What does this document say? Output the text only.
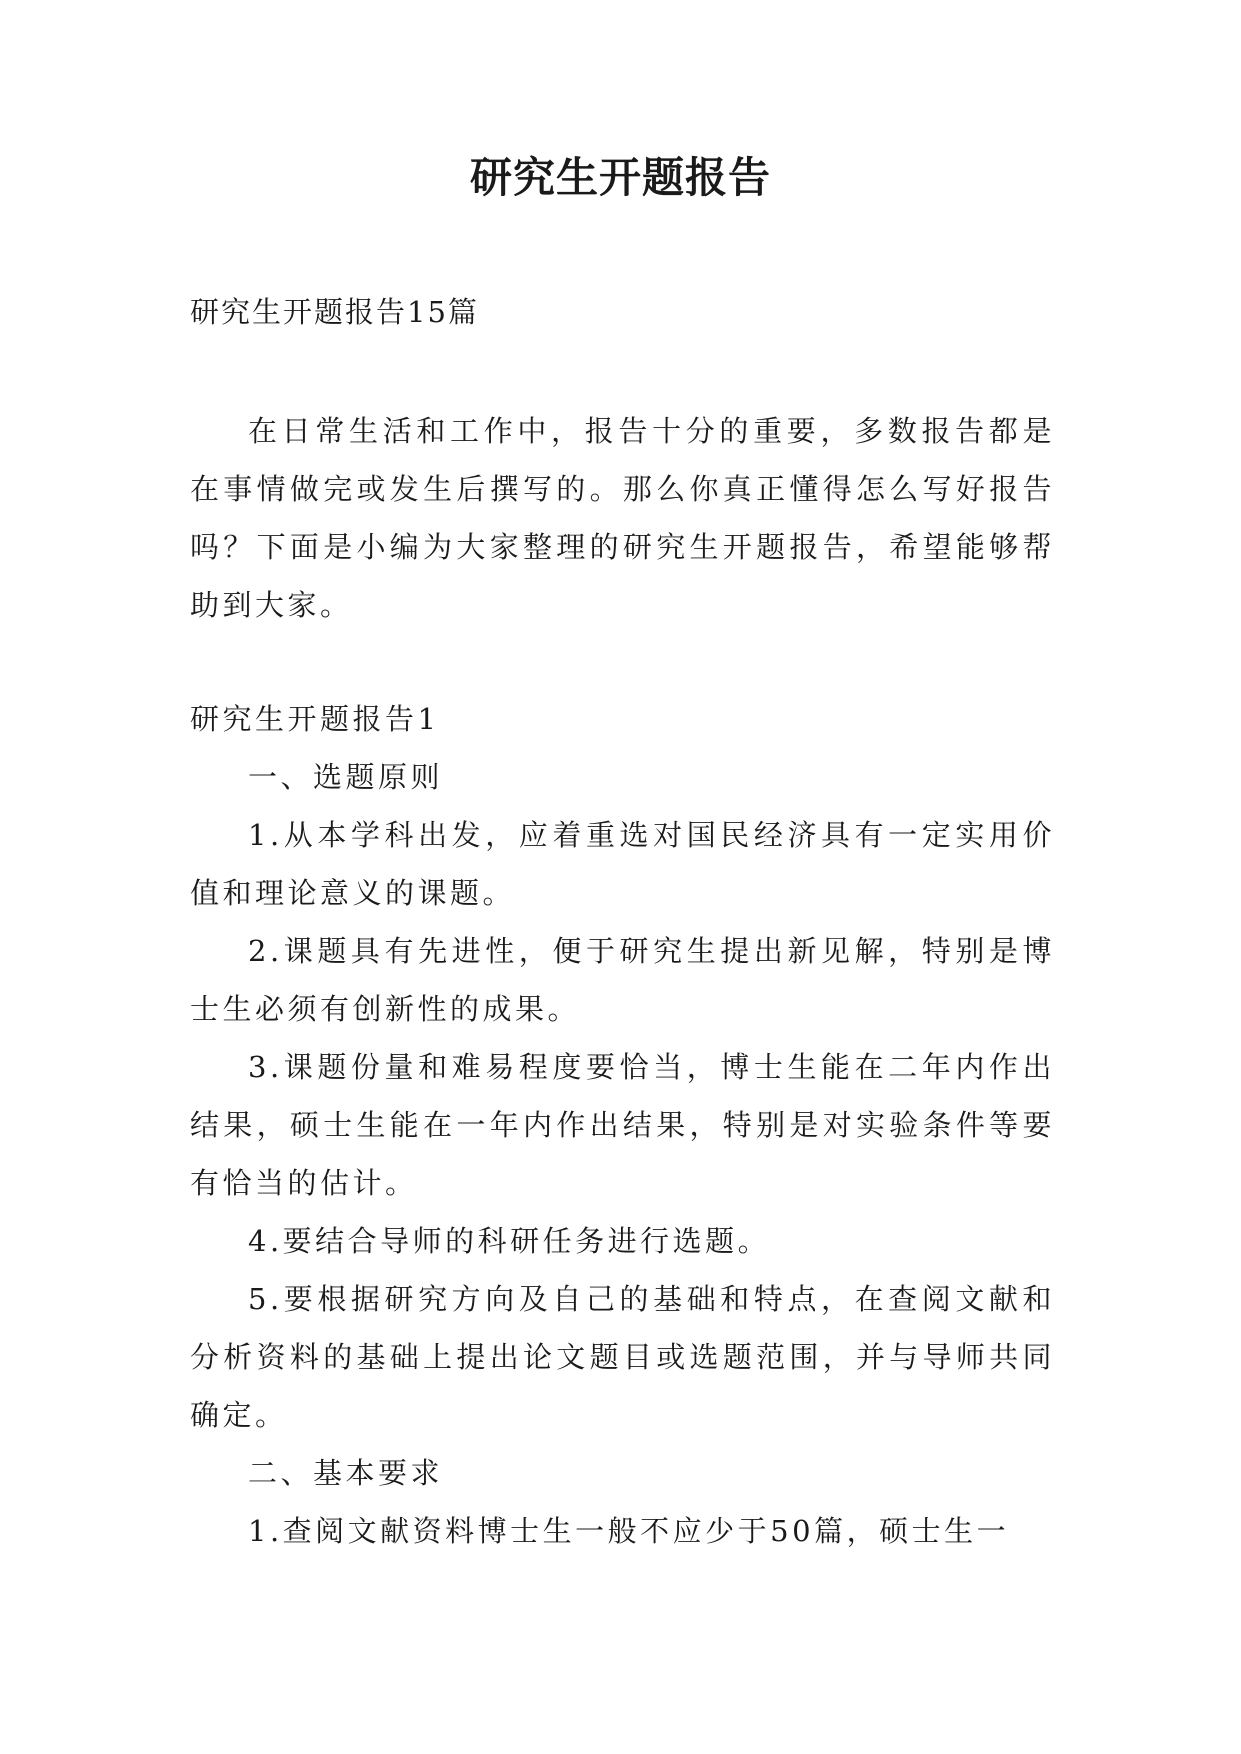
研究生开题报告
研究生开题报告15篇

在日常生活和工作中，报告十分的重要，多数报告都是在事情做完或发生后撰写的。那么你真正懂得怎么写好报告吗？下面是小编为大家整理的研究生开题报告，希望能够帮助到大家。

研究生开题报告1

一、选题原则

1.从本学科出发，应着重选对国民经济具有一定实用价值和理论意义的课题。

2.课题具有先进性，便于研究生提出新见解，特别是博士生必须有创新性的成果。

3.课题份量和难易程度要恰当，博士生能在二年内作出结果，硕士生能在一年内作出结果，特别是对实验条件等要有恰当的估计。

4.要结合导师的科研任务进行选题。

5.要根据研究方向及自己的基础和特点，在查阅文献和分析资料的基础上提出论文题目或选题范围，并与导师共同确定。

二、基本要求

1.查阅文献资料博士生一般不应少于50篇，硕士生一
